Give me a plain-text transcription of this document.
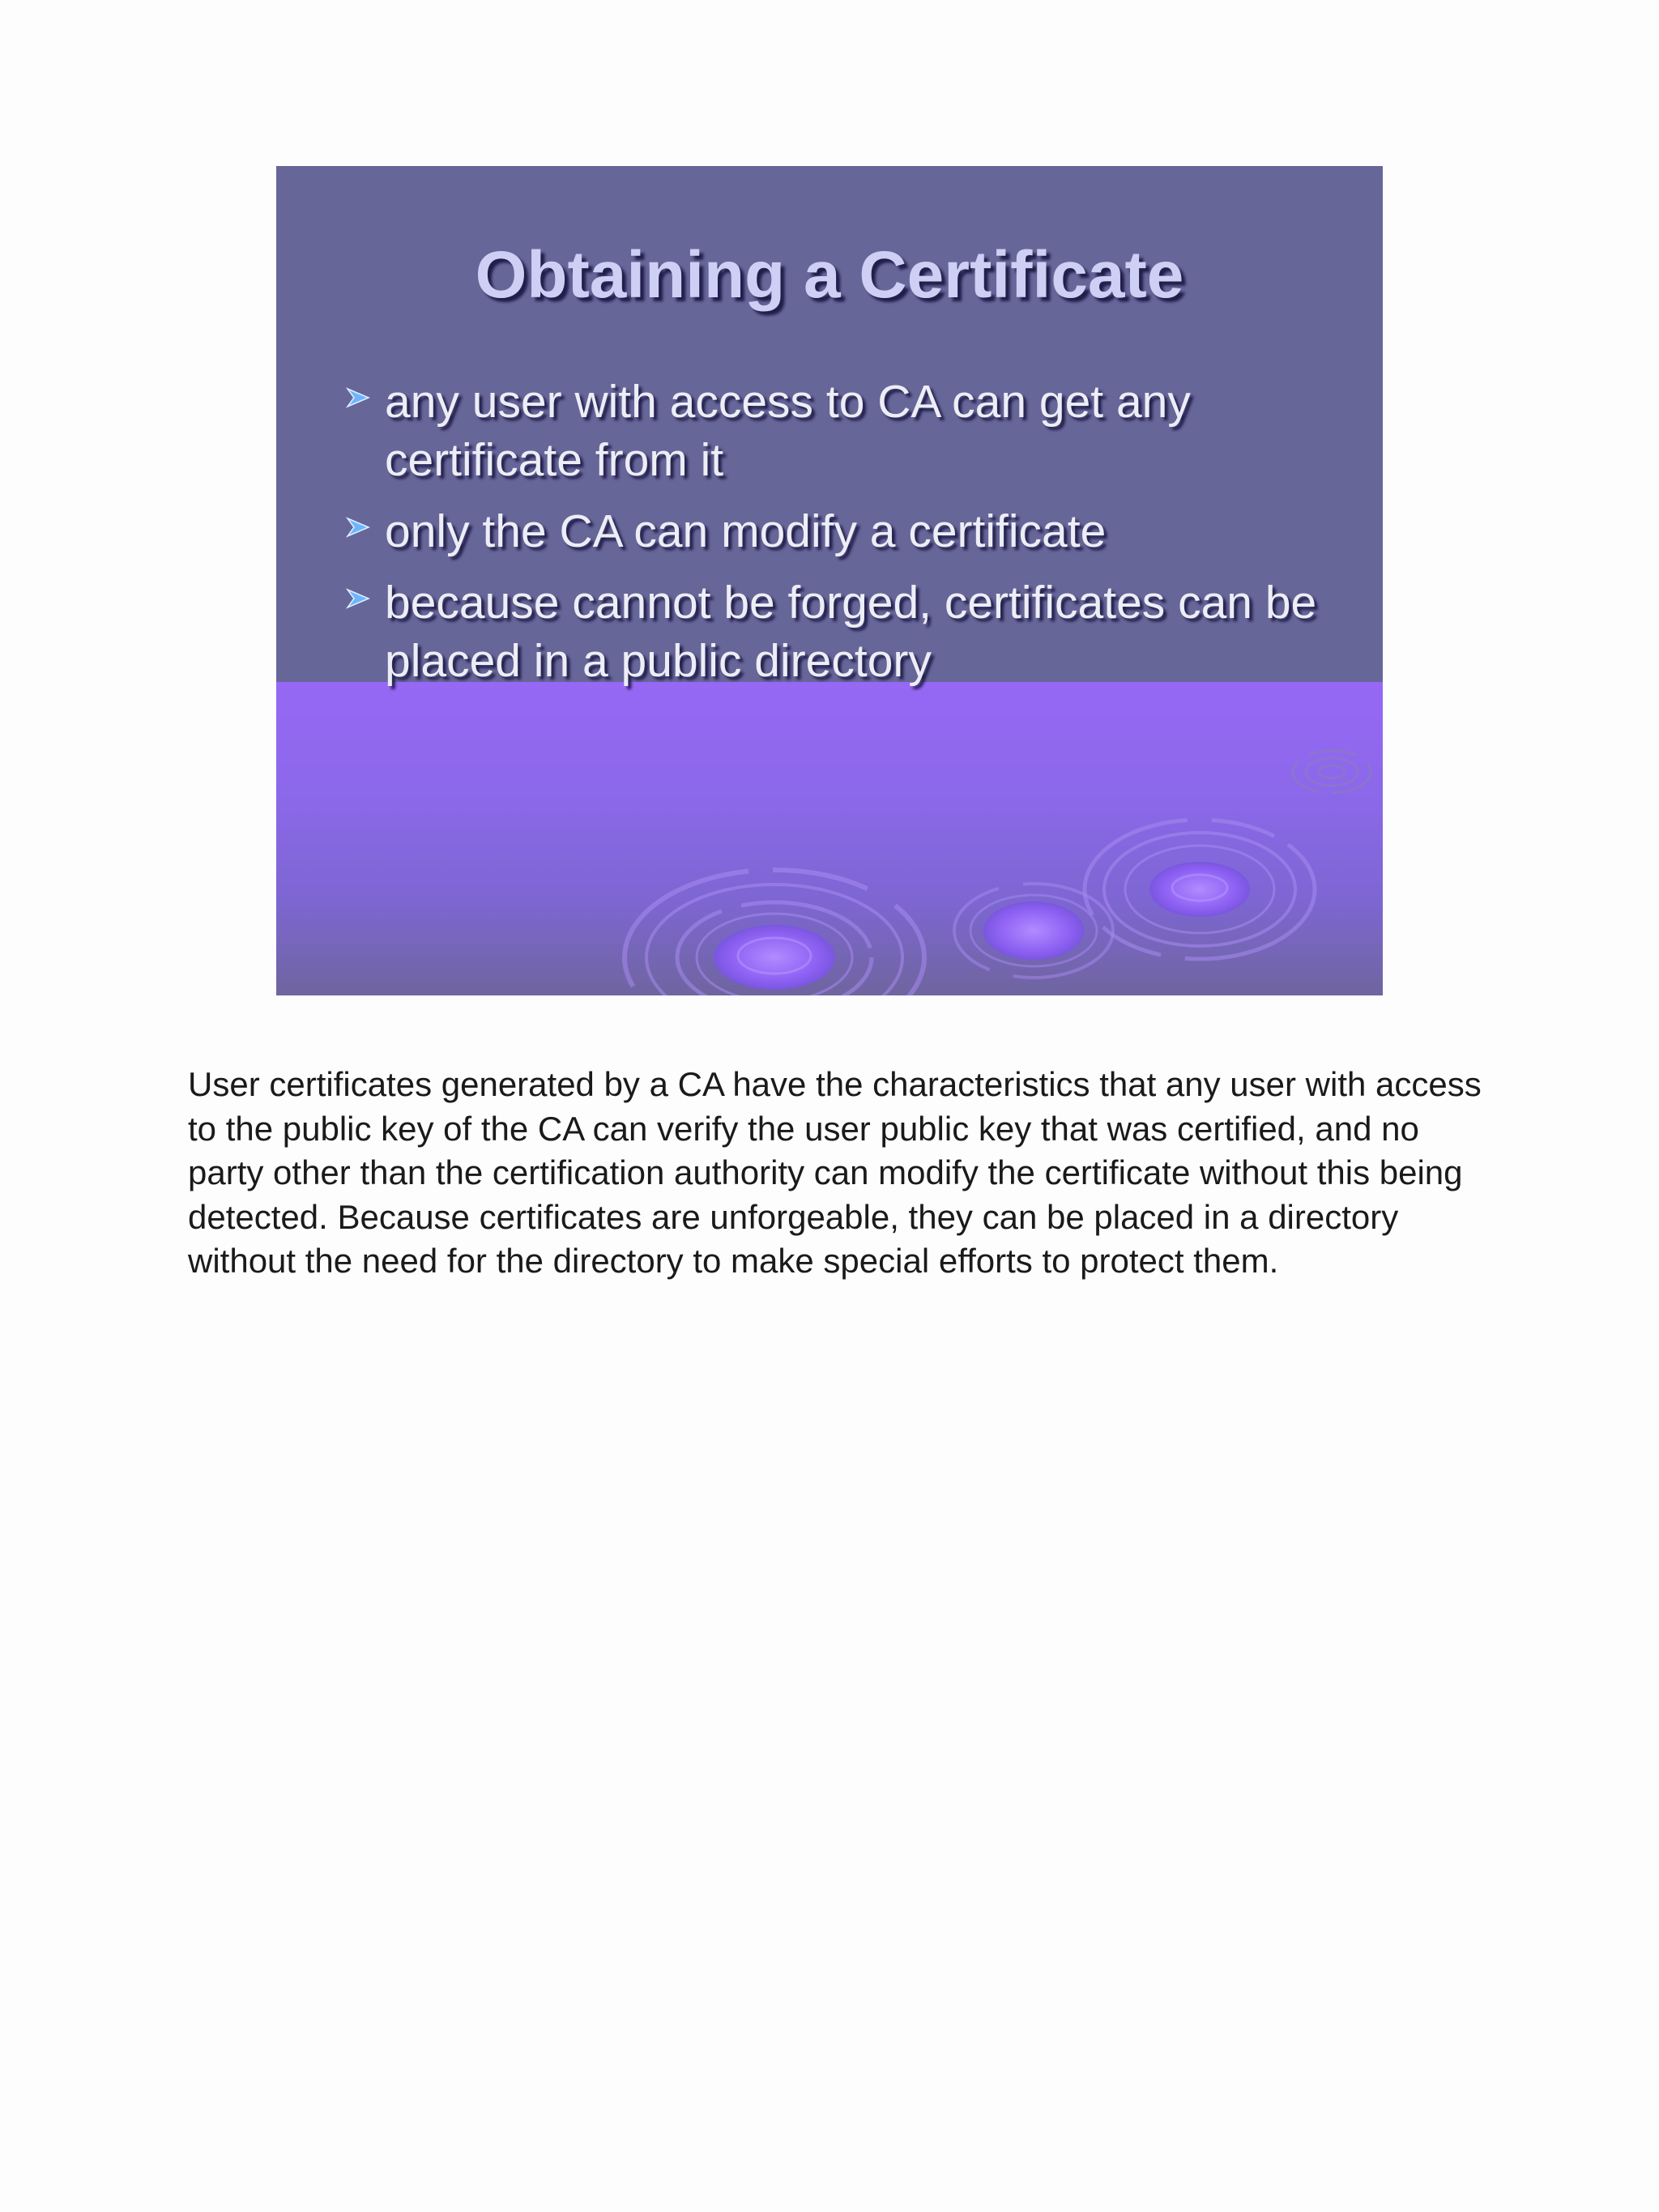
Obtaining a Certificate
any user with access to CA can get any certificate from it
only the CA can modify a certificate
because cannot be forged, certificates can be placed in a public directory

User certificates generated by a CA have the characteristics that any user with access to the public key of the CA can verify the user public key that was certified, and no party other than the certification authority can modify the certificate without this being detected. Because certificates are unforgeable, they can be placed in a directory without the need for the directory to make special efforts to protect them.
